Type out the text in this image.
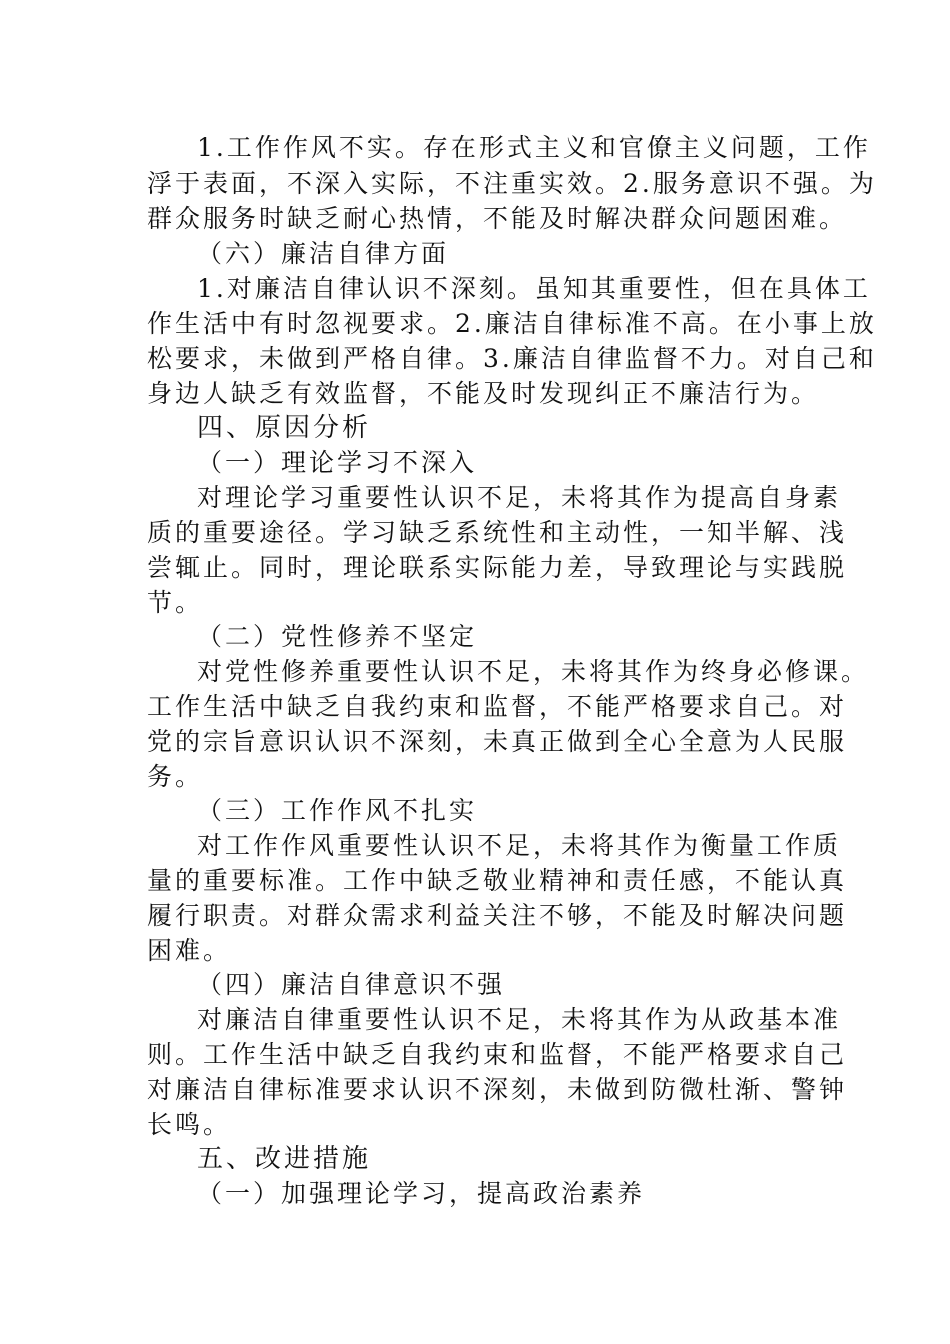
1.工作作风不实。存在形式主义和官僚主义问题，工作
浮于表面，不深入实际，不注重实效。2.服务意识不强。为
群众服务时缺乏耐心热情，不能及时解决群众问题困难。
（六）廉洁自律方面
1.对廉洁自律认识不深刻。虽知其重要性，但在具体工
作生活中有时忽视要求。2.廉洁自律标准不高。在小事上放
松要求，未做到严格自律。3.廉洁自律监督不力。对自己和
身边人缺乏有效监督，不能及时发现纠正不廉洁行为。
四、原因分析
（一）理论学习不深入
对理论学习重要性认识不足，未将其作为提高自身素
质的重要途径。学习缺乏系统性和主动性，一知半解、浅
尝辄止。同时，理论联系实际能力差，导致理论与实践脱
节。
（二）党性修养不坚定
对党性修养重要性认识不足，未将其作为终身必修课。
工作生活中缺乏自我约束和监督，不能严格要求自己。对
党的宗旨意识认识不深刻，未真正做到全心全意为人民服
务。
（三）工作作风不扎实
对工作作风重要性认识不足，未将其作为衡量工作质
量的重要标准。工作中缺乏敬业精神和责任感，不能认真
履行职责。对群众需求利益关注不够，不能及时解决问题
困难。
（四）廉洁自律意识不强
对廉洁自律重要性认识不足，未将其作为从政基本准
则。工作生活中缺乏自我约束和监督，不能严格要求自己
对廉洁自律标准要求认识不深刻，未做到防微杜渐、警钟
长鸣。
五、改进措施
（一）加强理论学习，提高政治素养
